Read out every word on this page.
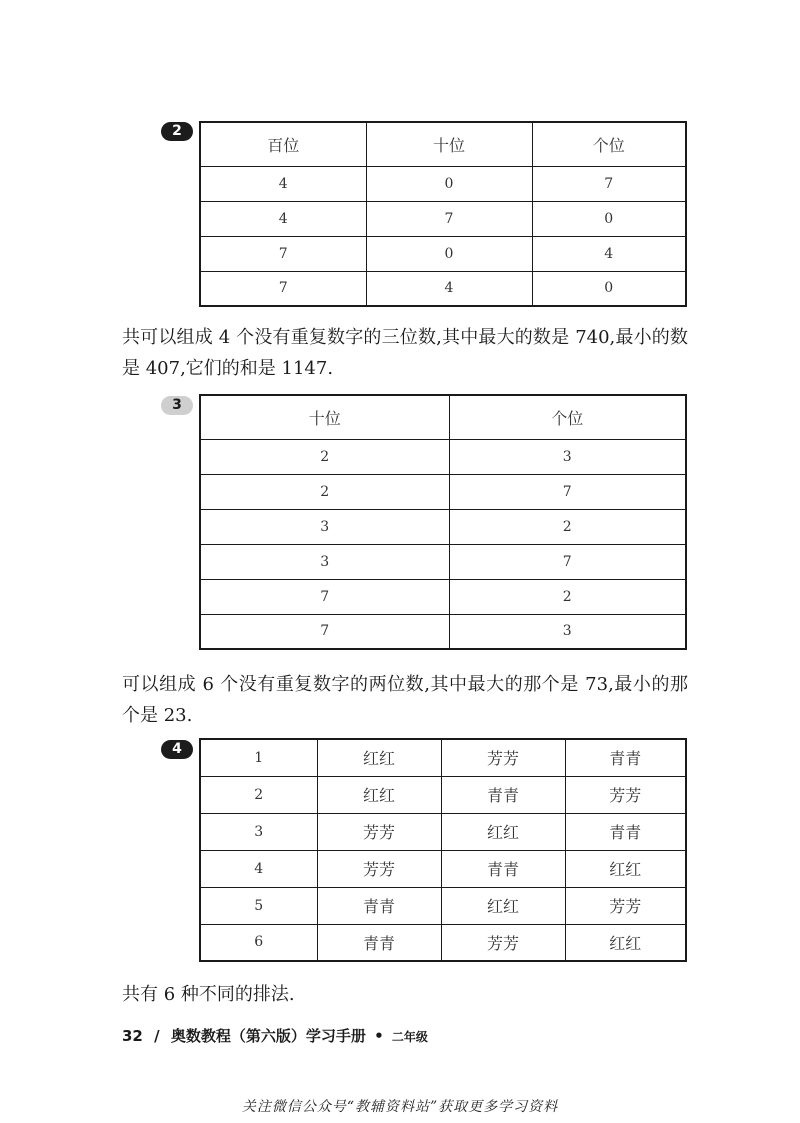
2
百位	十位	个位
4	0	7
4	7	0
7	0	4
7	4	0

共可以组成 4 个没有重复数字的三位数,其中最大的数是 740,最小的数是 407,它们的和是 1147.

3
十位	个位
2	3
2	7
3	2
3	7
7	2
7	3

可以组成 6 个没有重复数字的两位数,其中最大的那个是 73,最小的那个是 23.

4
1	红红	芳芳	青青
2	红红	青青	芳芳
3	芳芳	红红	青青
4	芳芳	青青	红红
5	青青	红红	芳芳
6	青青	芳芳	红红

共有 6 种不同的排法.

32 / 奥数教程（第六版）学习手册 • 二年级
关注微信公众号“教辅资料站”获取更多学习资料
